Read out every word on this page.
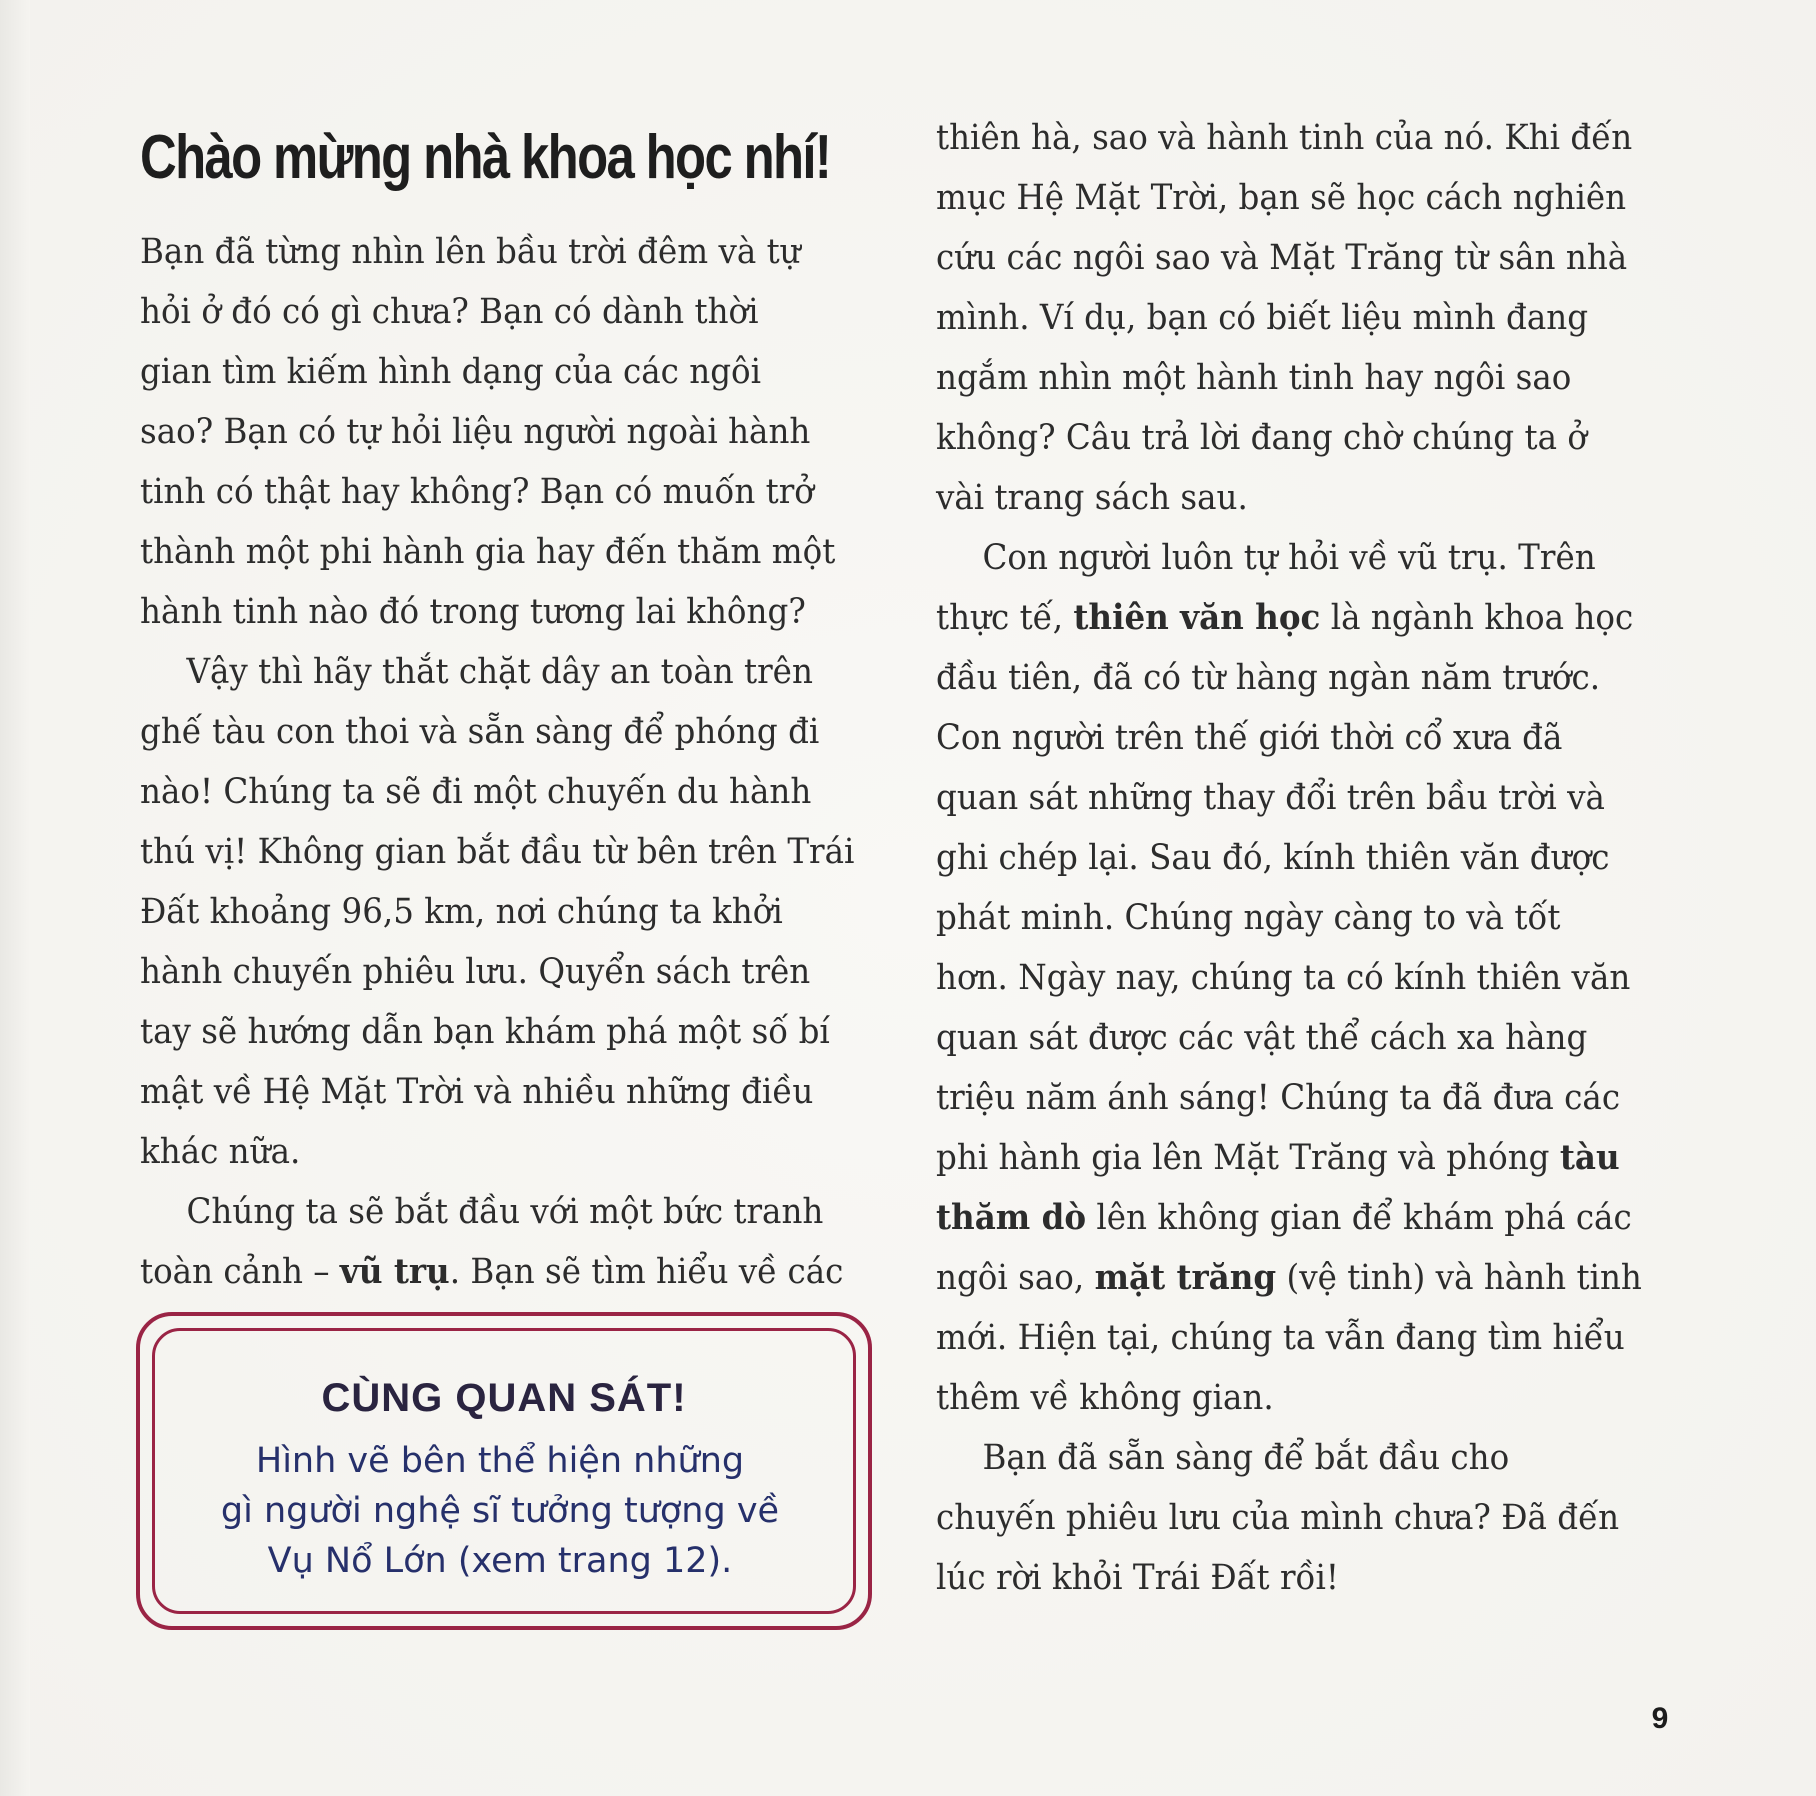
Chào mừng nhà khoa học nhí!

Bạn đã từng nhìn lên bầu trời đêm và tự
hỏi ở đó có gì chưa? Bạn có dành thời
gian tìm kiếm hình dạng của các ngôi
sao? Bạn có tự hỏi liệu người ngoài hành
tinh có thật hay không? Bạn có muốn trở
thành một phi hành gia hay đến thăm một
hành tinh nào đó trong tương lai không?

Vậy thì hãy thắt chặt dây an toàn trên
ghế tàu con thoi và sẵn sàng để phóng đi
nào! Chúng ta sẽ đi một chuyến du hành
thú vị! Không gian bắt đầu từ bên trên Trái
Đất khoảng 96,5 km, nơi chúng ta khởi
hành chuyến phiêu lưu. Quyển sách trên
tay sẽ hướng dẫn bạn khám phá một số bí
mật về Hệ Mặt Trời và nhiều những điều
khác nữa.

Chúng ta sẽ bắt đầu với một bức tranh
toàn cảnh – vũ trụ. Bạn sẽ tìm hiểu về các

CÙNG QUAN SÁT!

Hình vẽ bên thể hiện những
gì người nghệ sĩ tưởng tượng về
Vụ Nổ Lớn (xem trang 12).

thiên hà, sao và hành tinh của nó. Khi đến
mục Hệ Mặt Trời, bạn sẽ học cách nghiên
cứu các ngôi sao và Mặt Trăng từ sân nhà
mình. Ví dụ, bạn có biết liệu mình đang
ngắm nhìn một hành tinh hay ngôi sao
không? Câu trả lời đang chờ chúng ta ở
vài trang sách sau.

Con người luôn tự hỏi về vũ trụ. Trên
thực tế, thiên văn học là ngành khoa học
đầu tiên, đã có từ hàng ngàn năm trước.
Con người trên thế giới thời cổ xưa đã
quan sát những thay đổi trên bầu trời và
ghi chép lại. Sau đó, kính thiên văn được
phát minh. Chúng ngày càng to và tốt
hơn. Ngày nay, chúng ta có kính thiên văn
quan sát được các vật thể cách xa hàng
triệu năm ánh sáng! Chúng ta đã đưa các
phi hành gia lên Mặt Trăng và phóng tàu
thăm dò lên không gian để khám phá các
ngôi sao, mặt trăng (vệ tinh) và hành tinh
mới. Hiện tại, chúng ta vẫn đang tìm hiểu
thêm về không gian.

Bạn đã sẵn sàng để bắt đầu cho
chuyến phiêu lưu của mình chưa? Đã đến
lúc rời khỏi Trái Đất rồi!

9
